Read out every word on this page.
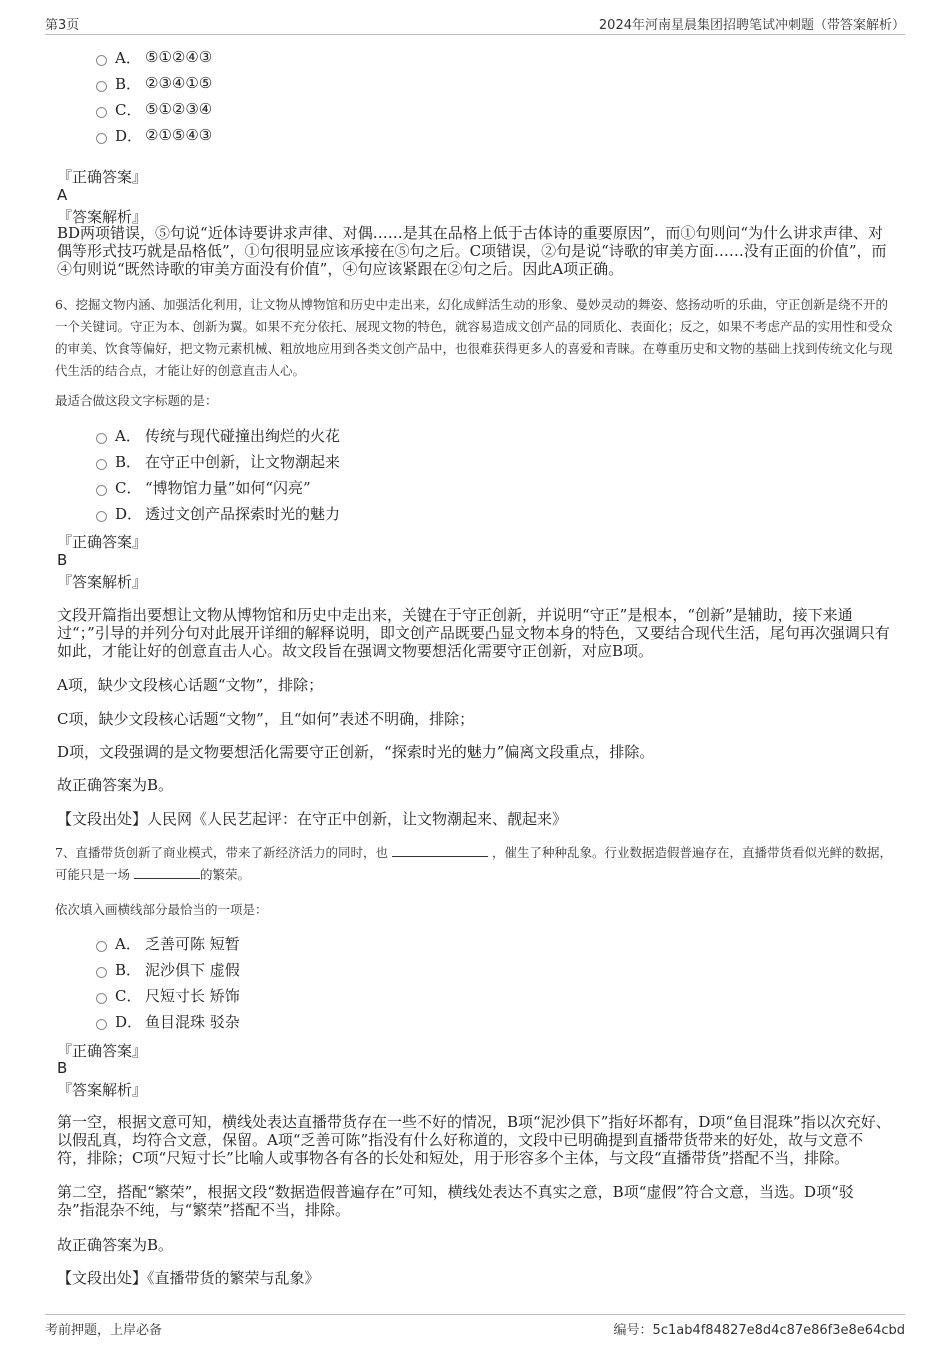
第3页	2024年河南星晨集团招聘笔试冲刺题（带答案解析）
A． ⑤①②④③
B． ②③④①⑤
C． ⑤①②③④
D． ②①⑤④③
『正确答案』
A
『答案解析』
BD两项错误，⑤句说“近体诗要讲求声律、对偶……是其在品格上低于古体诗的重要原因”，而①句则问“为什么讲求声律、对偶等形式技巧就是品格低”，①句很明显应该承接在⑤句之后。C项错误，②句是说“诗歌的审美方面……没有正面的价值”，而④句则说“既然诗歌的审美方面没有价值”，④句应该紧跟在②句之后。因此A项正确。
6、挖掘文物内涵、加强活化利用，让文物从博物馆和历史中走出来，幻化成鲜活生动的形象、曼妙灵动的舞姿、悠扬动听的乐曲，守正创新是绕不开的一个关键词。守正为本、创新为翼。如果不充分依托、展现文物的特色，就容易造成文创产品的同质化、表面化；反之，如果不考虑产品的实用性和受众的审美、饮食等偏好，把文物元素机械、粗放地应用到各类文创产品中，也很难获得更多人的喜爱和青睐。在尊重历史和文物的基础上找到传统文化与现代生活的结合点，才能让好的创意直击人心。
最适合做这段文字标题的是：
A． 传统与现代碰撞出绚烂的火花
B． 在守正中创新，让文物潮起来
C． “博物馆力量”如何“闪亮”
D． 透过文创产品探索时光的魅力
『正确答案』
B
『答案解析』
文段开篇指出要想让文物从博物馆和历史中走出来，关键在于守正创新，并说明“守正”是根本，“创新”是辅助，接下来通过“；”引导的并列分句对此展开详细的解释说明，即文创产品既要凸显文物本身的特色，又要结合现代生活，尾句再次强调只有如此，才能让好的创意直击人心。故文段旨在强调文物要想活化需要守正创新，对应B项。
A项，缺少文段核心话题“文物”，排除；
C项，缺少文段核心话题“文物”，且“如何”表述不明确，排除；
D项，文段强调的是文物要想活化需要守正创新，“探索时光的魅力”偏离文段重点，排除。
故正确答案为B。
【文段出处】人民网《人民艺起评：在守正中创新，让文物潮起来、靓起来》
7、直播带货创新了商业模式，带来了新经济活力的同时，也	，催生了种种乱象。行业数据造假普遍存在，直播带货看似光鲜的数据，可能只是一场	的繁荣。
依次填入画横线部分最恰当的一项是：
A． 乏善可陈 短暂
B． 泥沙俱下 虚假
C． 尺短寸长 矫饰
D． 鱼目混珠 驳杂
『正确答案』
B
『答案解析』
第一空，根据文意可知，横线处表达直播带货存在一些不好的情况，B项“泥沙俱下”指好坏都有，D项“鱼目混珠”指以次充好、以假乱真，均符合文意，保留。A项“乏善可陈”指没有什么好称道的，文段中已明确提到直播带货带来的好处，故与文意不符，排除；C项“尺短寸长”比喻人或事物各有各的长处和短处，用于形容多个主体，与文段“直播带货”搭配不当，排除。
第二空，搭配“繁荣”，根据文段“数据造假普遍存在”可知，横线处表达不真实之意，B项“虚假”符合文意，当选。D项“驳杂”指混杂不纯，与“繁荣”搭配不当，排除。
故正确答案为B。
【文段出处】《直播带货的繁荣与乱象》
考前押题，上岸必备	编号：5c1ab4f84827e8d4c87e86f3e8e64cbd
